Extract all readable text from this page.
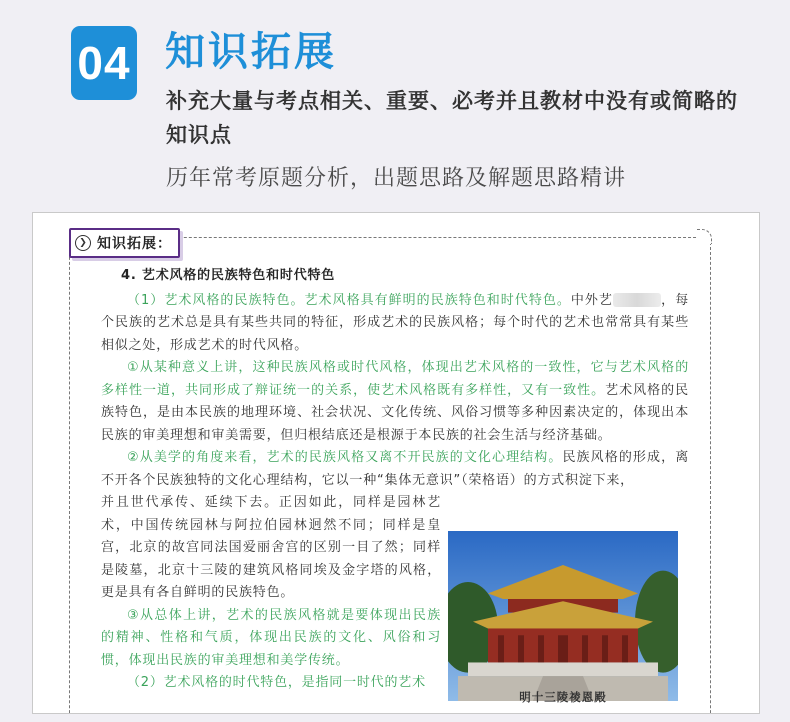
04 知识拓展
补充大量与考点相关、重要、必考并且教材中没有或简略的知识点
历年常考原题分析，出题思路及解题思路精讲
❯ 知识拓展：

4. 艺术风格的民族特色和时代特色

（1）艺术风格的民族特色。艺术风格具有鲜明的民族特色和时代特色。中外艺	，每个民族的艺术总是具有某些共同的特征，形成艺术的民族风格；每个时代的艺术也常常具有某些相似之处，形成艺术的时代风格。

①从某种意义上讲，这种民族风格或时代风格，体现出艺术风格的一致性，它与艺术风格的多样性一道，共同形成了辩证统一的关系，使艺术风格既有多样性，又有一致性。艺术风格的民族特色，是由本民族的地理环境、社会状况、文化传统、风俗习惯等多种因素决定的，体现出本民族的审美理想和审美需要，但归根结底还是根源于本民族的社会生活与经济基础。

②从美学的角度来看，艺术的民族风格又离不开民族的文化心理结构。民族风格的形成，离不开各个民族独特的文化心理结构，它以一种“集体无意识”（荣格语）的方式积淀下来，

并且世代承传、延续下去。正因如此，同样是园林艺术，中国传统园林与阿拉伯园林迥然不同；同样是皇宫，北京的故宫同法国爱丽舍宫的区别一目了然；同样是陵墓，北京十三陵的建筑风格同埃及金字塔的风格，更是具有各自鲜明的民族特色。

③从总体上讲，艺术的民族风格就是要体现出民族的精神、性格和气质，体现出民族的文化、风俗和习惯，体现出民族的审美理想和美学传统。

（2）艺术风格的时代特色，是指同一时代的艺术

明十三陵祾恩殿
